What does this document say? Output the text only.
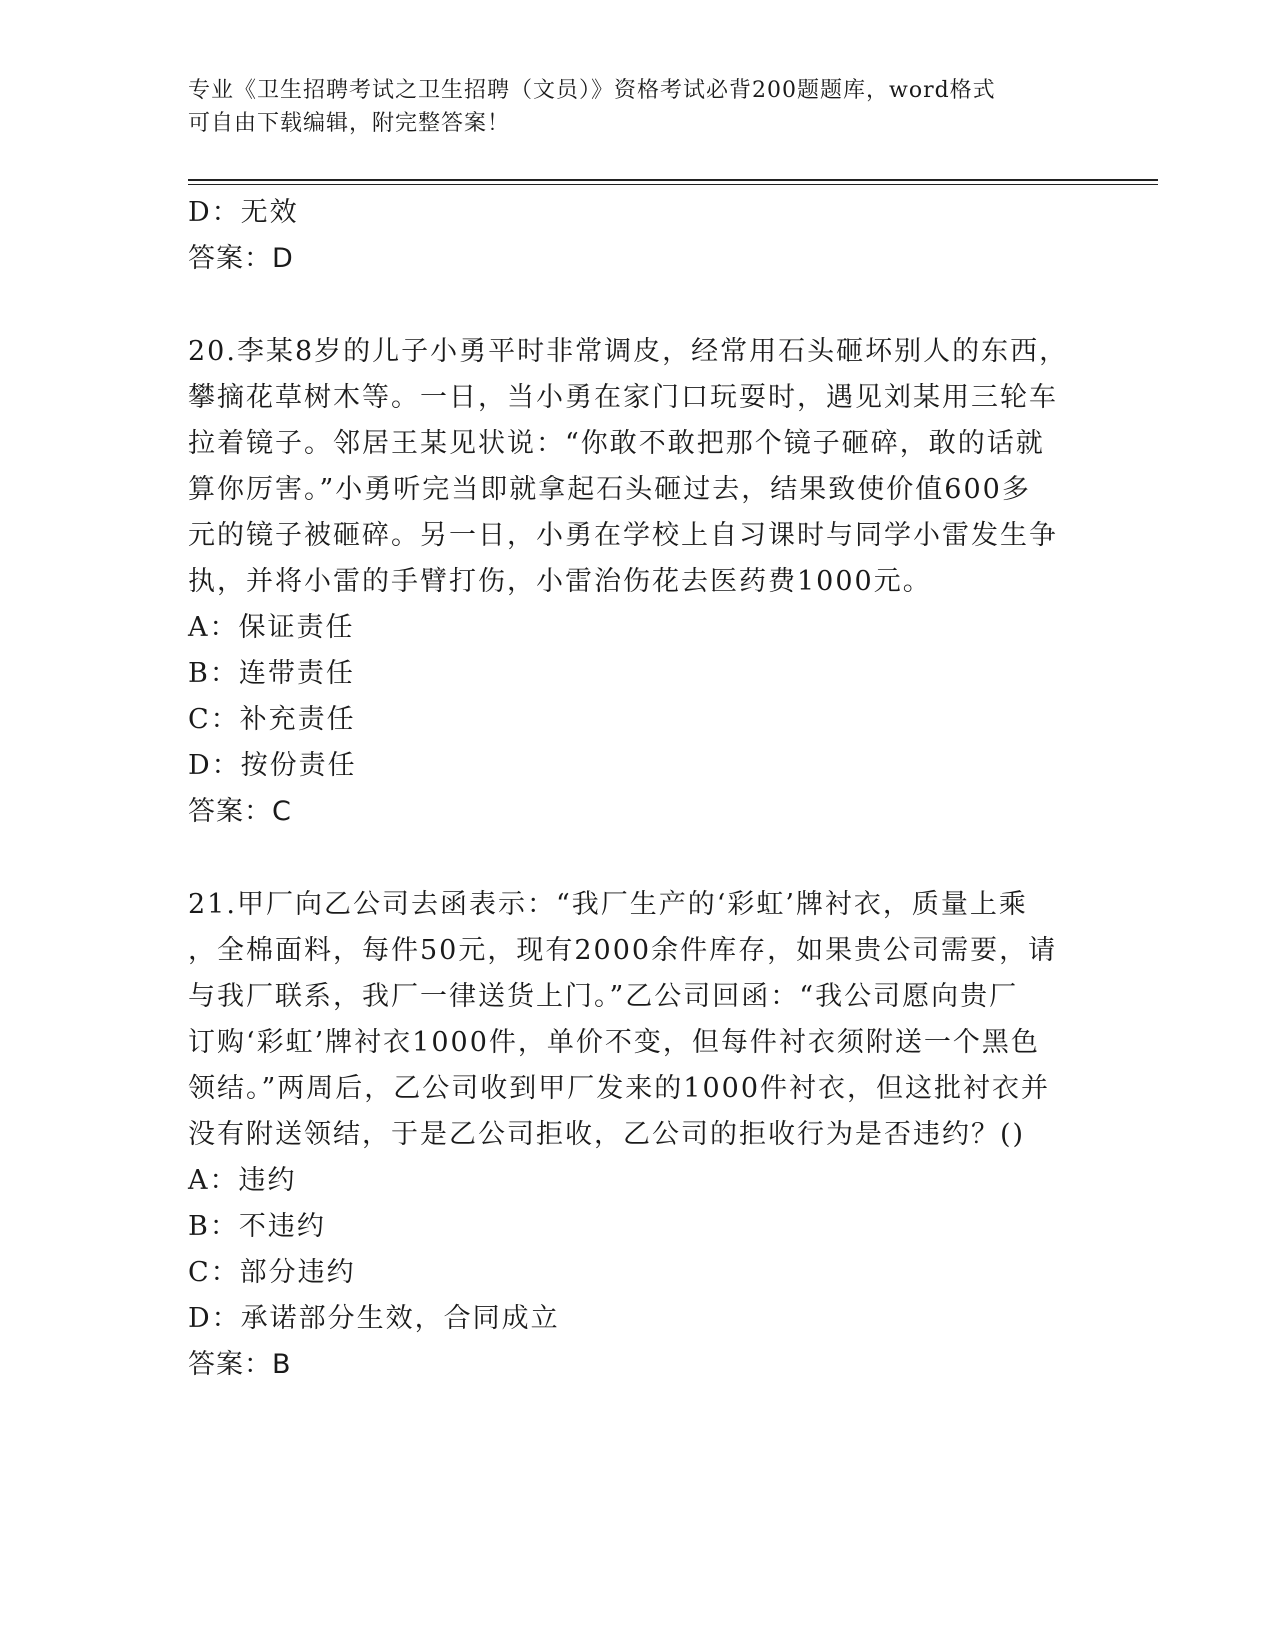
专业《卫生招聘考试之卫生招聘（文员）》资格考试必背200题题库，word格式
可自由下载编辑，附完整答案！
D：无效
答案：D
20.李某8岁的儿子小勇平时非常调皮，经常用石头砸坏别人的东西，
攀摘花草树木等。一日，当小勇在家门口玩耍时，遇见刘某用三轮车
拉着镜子。邻居王某见状说：“你敢不敢把那个镜子砸碎，敢的话就
算你厉害。”小勇听完当即就拿起石头砸过去，结果致使价值600多
元的镜子被砸碎。另一日，小勇在学校上自习课时与同学小雷发生争
执，并将小雷的手臂打伤，小雷治伤花去医药费1000元。
A：保证责任
B：连带责任
C：补充责任
D：按份责任
答案：C
21.甲厂向乙公司去函表示：“我厂生产的‘彩虹’牌衬衣，质量上乘
，全棉面料，每件50元，现有2000余件库存，如果贵公司需要，请
与我厂联系，我厂一律送货上门。”乙公司回函：“我公司愿向贵厂
订购‘彩虹’牌衬衣1000件，单价不变，但每件衬衣须附送一个黑色
领结。”两周后，乙公司收到甲厂发来的1000件衬衣，但这批衬衣并
没有附送领结，于是乙公司拒收，乙公司的拒收行为是否违约？()
A：违约
B：不违约
C：部分违约
D：承诺部分生效，合同成立
答案：B
